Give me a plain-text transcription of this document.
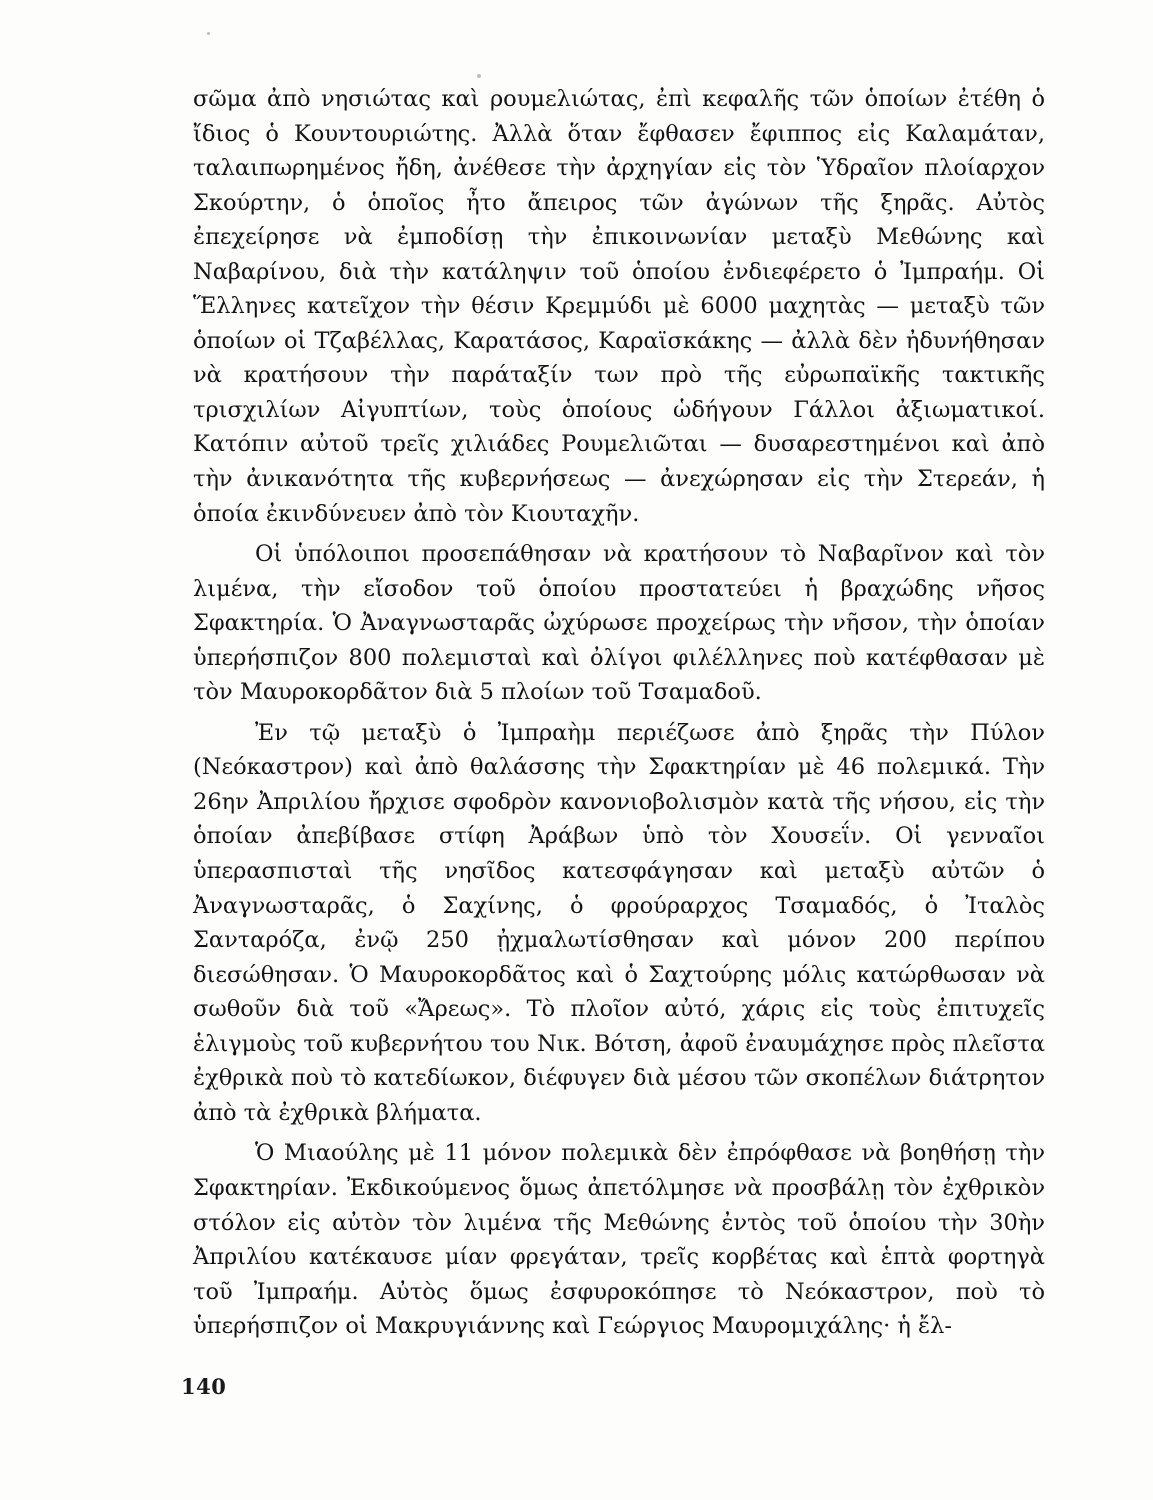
σῶμα ἀπὸ νησιώτας καὶ ρουμελιώτας, ἐπὶ κεφαλῆς τῶν ὁποίων ἐτέθη ὁ ἴδιος ὁ Κουντουριώτης. Ἀλλὰ ὅταν ἔφθασεν ἔφιππος εἰς Καλαμάταν, ταλαιπωρημένος ἤδη, ἀνέθεσε τὴν ἀρχηγίαν εἰς τὸν Ὑδραῖον πλοίαρχον Σκούρτην, ὁ ὁποῖος ἦτο ἄπειρος τῶν ἀγώνων τῆς ξηρᾶς. Αὐτὸς ἐπεχείρησε νὰ ἐμποδίσῃ τὴν ἐπικοινωνίαν μεταξὺ Μεθώνης καὶ Ναβαρίνου, διὰ τὴν κατάληψιν τοῦ ὁποίου ἐνδιεφέρετο ὁ Ἰμπραήμ. Οἱ Ἕλληνες κατεῖχον τὴν θέσιν Κρεμμύδι μὲ 6000 μαχητὰς — μεταξὺ τῶν ὁποίων οἱ Τζαβέλλας, Καρατάσος, Καραϊσκάκης — ἀλλὰ δὲν ἠδυνήθησαν νὰ κρατήσουν τὴν παράταξίν των πρὸ τῆς εὐρωπαϊκῆς τακτικῆς τρισχιλίων Αἰγυπτίων, τοὺς ὁποίους ὡδήγουν Γάλλοι ἀξιωματικοί. Κατόπιν αὐτοῦ τρεῖς χιλιάδες Ρουμελιῶται — δυσαρεστημένοι καὶ ἀπὸ τὴν ἀνικανότητα τῆς κυβερνήσεως — ἀνεχώρησαν εἰς τὴν Στερεάν, ἡ ὁποία ἐκινδύνευεν ἀπὸ τὸν Κιουταχῆν.

Οἱ ὑπόλοιποι προσεπάθησαν νὰ κρατήσουν τὸ Ναβαρῖνον καὶ τὸν λιμένα, τὴν εἴσοδον τοῦ ὁποίου προστατεύει ἡ βραχώδης νῆσος Σφακτηρία. Ὁ Ἀναγνωσταρᾶς ὠχύρωσε προχείρως τὴν νῆσον, τὴν ὁποίαν ὑπερήσπιζον 800 πολεμισταὶ καὶ ὀλίγοι φιλέλληνες ποὺ κατέφθασαν μὲ τὸν Μαυροκορδᾶτον διὰ 5 πλοίων τοῦ Τσαμαδοῦ.

Ἐν τῷ μεταξὺ ὁ Ἰμπραὴμ περιέζωσε ἀπὸ ξηρᾶς τὴν Πύλον (Νεόκαστρον) καὶ ἀπὸ θαλάσσης τὴν Σφακτηρίαν μὲ 46 πολεμικά. Τὴν 26ην Ἀπριλίου ἤρχισε σφοδρὸν κανονιοβολισμὸν κατὰ τῆς νήσου, εἰς τὴν ὁποίαν ἀπεβίβασε στίφη Ἀράβων ὑπὸ τὸν Χουσεΐν. Οἱ γενναῖοι ὑπερασπισταὶ τῆς νησῖδος κατεσφάγησαν καὶ μεταξὺ αὐτῶν ὁ Ἀναγνωσταρᾶς, ὁ Σαχίνης, ὁ φρούραρχος Τσαμαδός, ὁ Ἰταλὸς Σανταρόζα, ἐνῷ 250 ᾐχμαλωτίσθησαν καὶ μόνον 200 περίπου διεσώθησαν. Ὁ Μαυροκορδᾶτος καὶ ὁ Σαχτούρης μόλις κατώρθωσαν νὰ σωθοῦν διὰ τοῦ «Ἄρεως». Τὸ πλοῖον αὐτό, χάρις εἰς τοὺς ἐπιτυχεῖς ἑλιγμοὺς τοῦ κυβερνήτου του Νικ. Βότση, ἀφοῦ ἐναυμάχησε πρὸς πλεῖστα ἐχθρικὰ ποὺ τὸ κατεδίωκον, διέφυγεν διὰ μέσου τῶν σκοπέλων διάτρητον ἀπὸ τὰ ἐχθρικὰ βλήματα.

Ὁ Μιαούλης μὲ 11 μόνον πολεμικὰ δὲν ἐπρόφθασε νὰ βοηθήσῃ τὴν Σφακτηρίαν. Ἐκδικούμενος ὅμως ἀπετόλμησε νὰ προσβάλῃ τὸν ἐχθρικὸν στόλον εἰς αὐτὸν τὸν λιμένα τῆς Μεθώνης ἐντὸς τοῦ ὁποίου τὴν 30ὴν Ἀπριλίου κατέκαυσε μίαν φρεγάταν, τρεῖς κορβέτας καὶ ἑπτὰ φορτηγὰ τοῦ Ἰμπραήμ. Αὐτὸς ὅμως ἐσφυροκόπησε τὸ Νεόκαστρον, ποὺ τὸ ὑπερήσπιζον οἱ Μακρυγιάννης καὶ Γεώργιος Μαυρομιχάλης· ἡ ἔλ-

140
